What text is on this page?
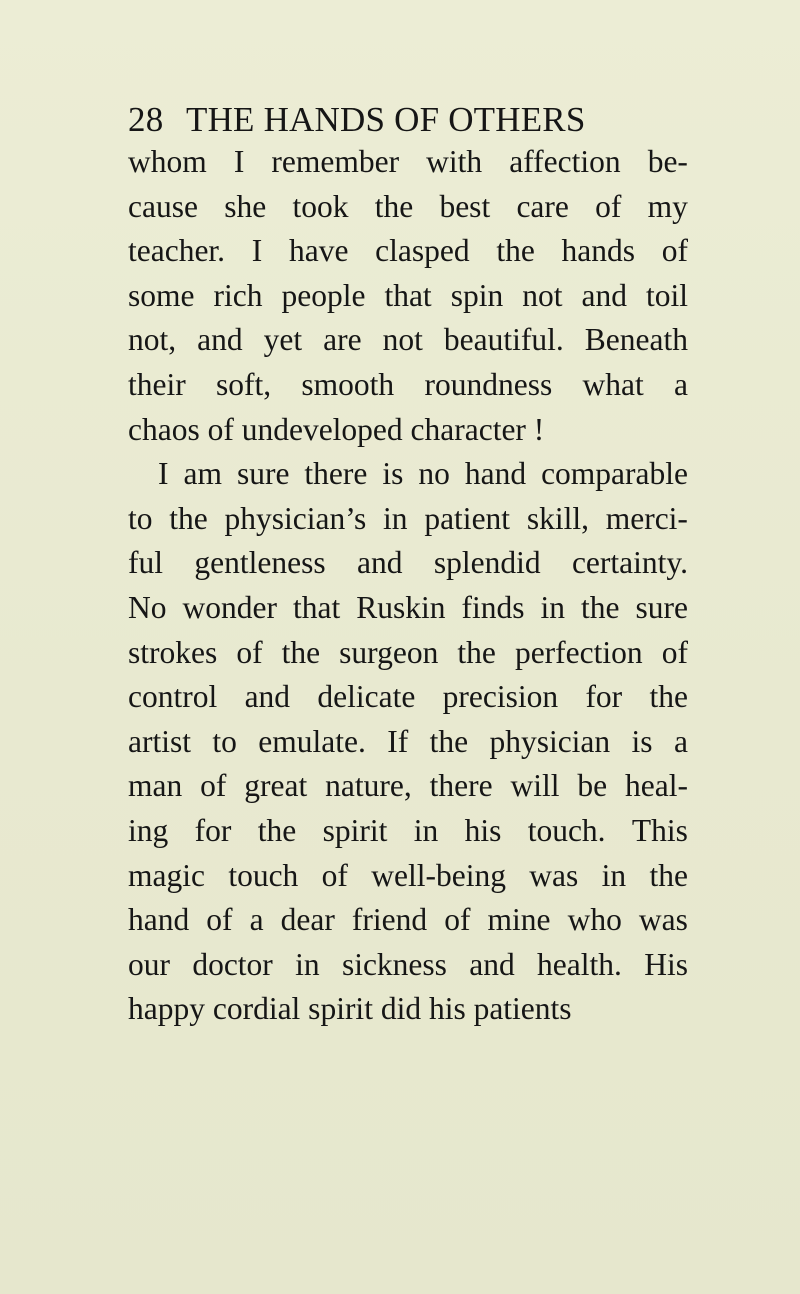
28 THE HANDS OF OTHERS
whom I remember with affection be-
cause she took the best care of my
teacher. I have clasped the hands of
some rich people that spin not and toil
not, and yet are not beautiful. Beneath
their soft, smooth roundness what a
chaos of undeveloped character !
I am sure there is no hand comparable
to the physician’s in patient skill, merci-
ful gentleness and splendid certainty.
No wonder that Ruskin finds in the sure
strokes of the surgeon the perfection of
control and delicate precision for the
artist to emulate. If the physician is a
man of great nature, there will be heal-
ing for the spirit in his touch. This
magic touch of well-being was in the
hand of a dear friend of mine who was
our doctor in sickness and health. His
happy cordial spirit did his patients
